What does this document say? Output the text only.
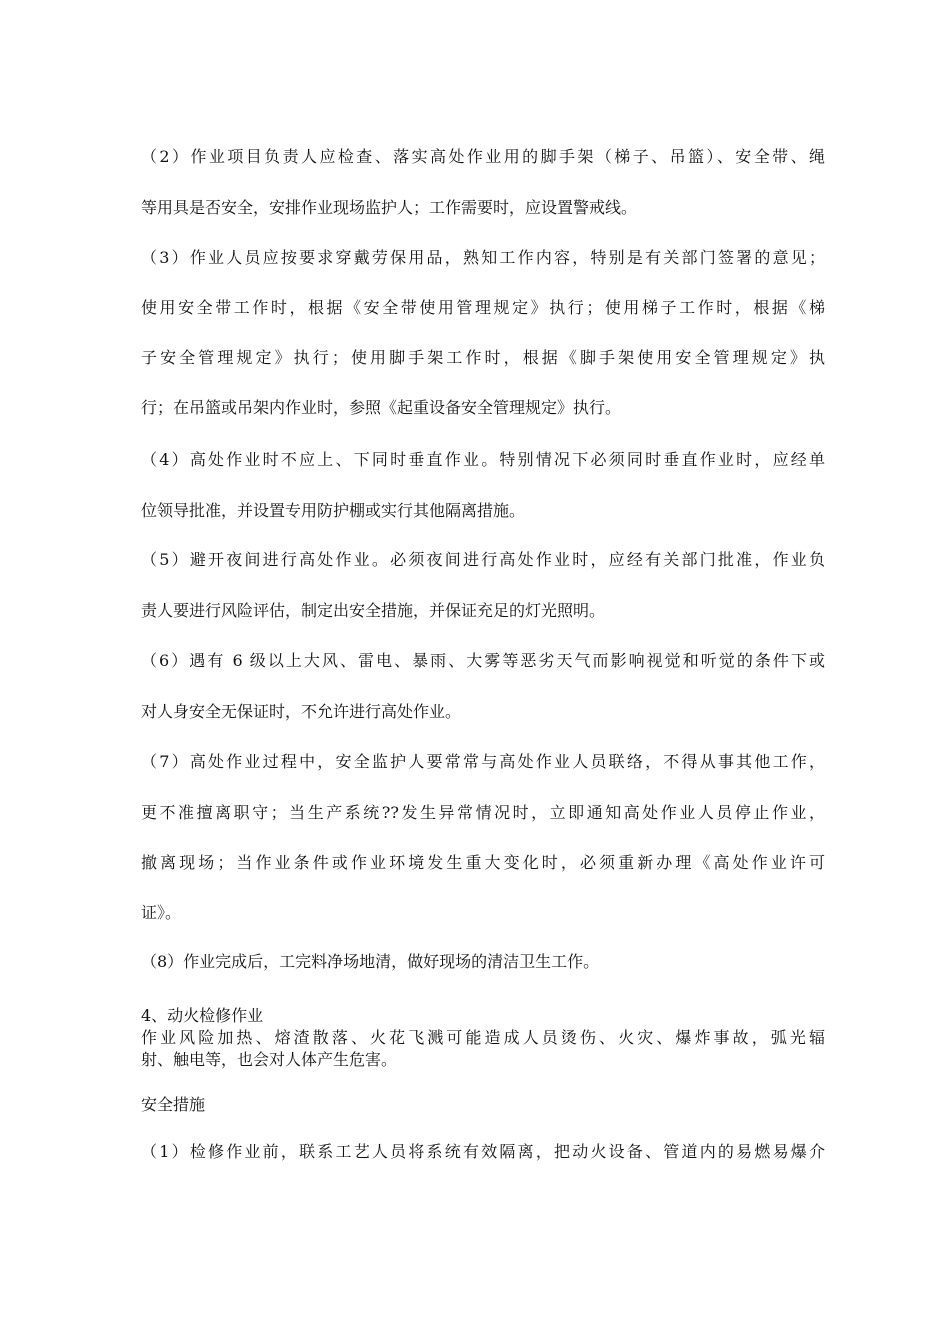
（2）作业项目负责人应检查、落实高处作业用的脚手架（梯子、吊篮）、安全带、绳
等用具是否安全，安排作业现场监护人；工作需要时，应设置警戒线。
（3）作业人员应按要求穿戴劳保用品，熟知工作内容，特别是有关部门签署的意见；
使用安全带工作时，根据《安全带使用管理规定》执行；使用梯子工作时，根据《梯
子安全管理规定》执行；使用脚手架工作时，根据《脚手架使用安全管理规定》执
行；在吊篮或吊架内作业时，参照《起重设备安全管理规定》执行。
（4）高处作业时不应上、下同时垂直作业。特别情况下必须同时垂直作业时，应经单
位领导批准，并设置专用防护棚或实行其他隔离措施。
（5）避开夜间进行高处作业。必须夜间进行高处作业时，应经有关部门批准，作业负
责人要进行风险评估，制定出安全措施，并保证充足的灯光照明。
（6）遇有 6 级以上大风、雷电、暴雨、大雾等恶劣天气而影响视觉和听觉的条件下或
对人身安全无保证时，不允许进行高处作业。
（7）高处作业过程中，安全监护人要常常与高处作业人员联络，不得从事其他工作，
更不准擅离职守；当生产系统??发生异常情况时，立即通知高处作业人员停止作业，
撤离现场；当作业条件或作业环境发生重大变化时，必须重新办理《高处作业许可
证》。
（8）作业完成后，工完料净场地清，做好现场的清洁卫生工作。
4、动火检修作业
作业风险加热、熔渣散落、火花飞溅可能造成人员烫伤、火灾、爆炸事故，弧光辐
射、触电等，也会对人体产生危害。
安全措施
（1）检修作业前，联系工艺人员将系统有效隔离，把动火设备、管道内的易燃易爆介
